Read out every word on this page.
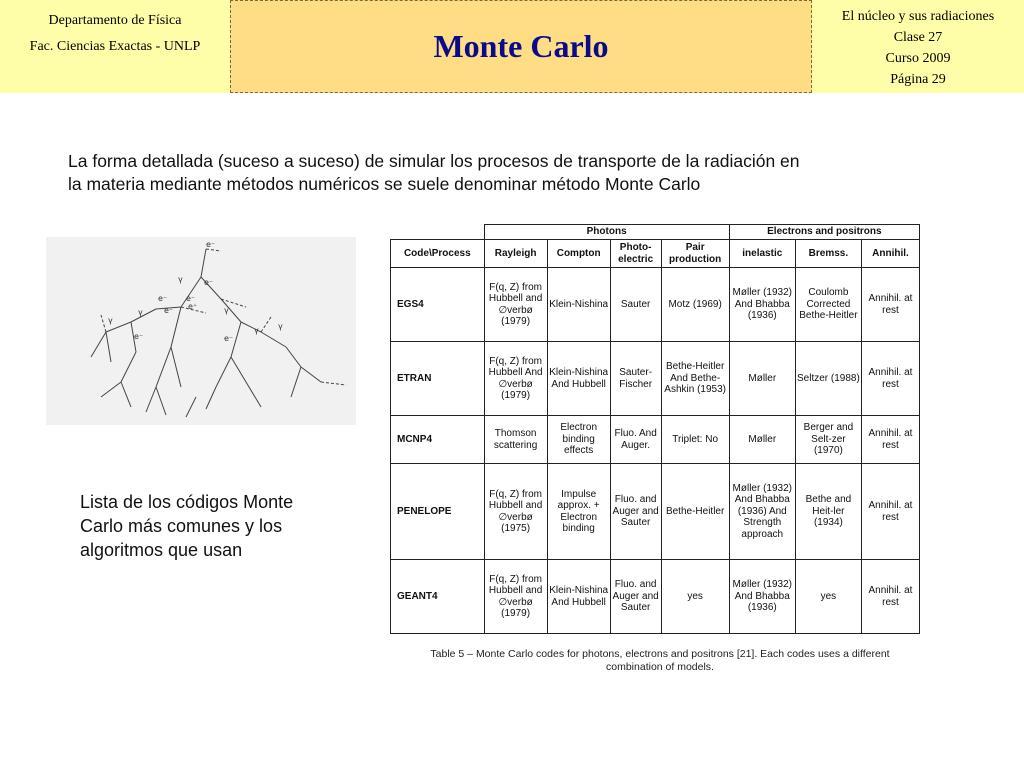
Departamento de Física
Fac. Ciencias Exactas - UNLP	Monte Carlo
El núcleo y sus radiaciones
Clase 27
Curso 2009
Página 29
La forma detallada (suceso a suceso) de simular los procesos de transporte de la radiación en
la materia mediante métodos numéricos se suele denominar método Monte Carlo
e⁻
γ	e⁻
e⁻ e⁻
e⁻ e⁺
γ
γ	γ
γ
e⁻
γ
e⁻
Lista de los códigos Monte
Carlo más comunes y los
algoritmos que usan
	Photons				Electrons and positrons		
Code\Process	Rayleigh	Compton	Photo-electric	Pair production	inelastic	Bremss.	Annihil.
EGS4	F(q, Z) from Hubbell and ∅verbø (1979)	Klein-Nishina	Sauter	Motz (1969)	Møller (1932) And Bhabba (1936)	Coulomb Corrected Bethe-Heitler	Annihil. at rest
ETRAN	F(q, Z) from Hubbell And ∅verbø (1979)	Klein-Nishina And Hubbell	Sauter-Fischer	Bethe-Heitler And Bethe-Ashkin (1953)	Møller	Seltzer (1988)	Annihil. at rest
MCNP4	Thomson scattering	Electron binding effects	Fluo. And Auger.	Triplet: No	Møller	Berger and Selt-zer (1970)	Annihil. at rest
PENELOPE	F(q, Z) from Hubbell and ∅verbø (1975)	Impulse approx. + Electron binding	Fluo. and Auger and Sauter	Bethe-Heitler	Møller (1932) And Bhabba (1936) And Strength approach	Bethe and Heit-ler (1934)	Annihil. at rest
GEANT4	F(q, Z) from Hubbell and ∅verbø (1979)	Klein-Nishina And Hubbell	Fluo. and Auger and Sauter	yes	Møller (1932) And Bhabba (1936)	yes	Annihil. at rest
Table 5 – Monte Carlo codes for photons, electrons and positrons [21]. Each codes uses a different
combination of models.
